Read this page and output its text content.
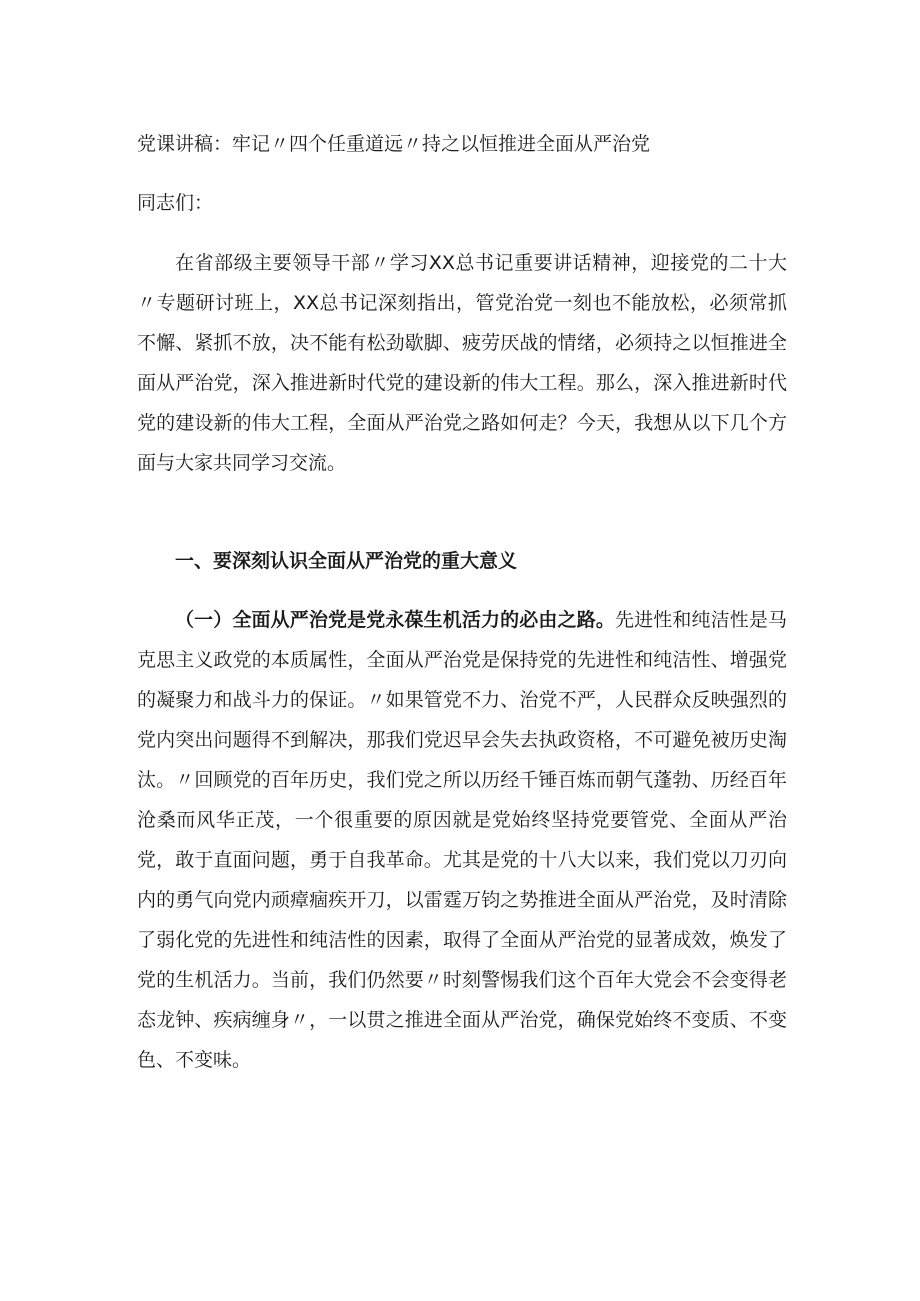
党课讲稿：牢记〃四个任重道远〃持之以恒推进全面从严治党
同志们：

在省部级主要领导干部〃学习XX总书记重要讲话精神，迎接党的二十大〃专题研讨班上，XX总书记深刻指出，管党治党一刻也不能放松，必须常抓不懈、紧抓不放，决不能有松劲歇脚、疲劳厌战的情绪，必须持之以恒推进全面从严治党，深入推进新时代党的建设新的伟大工程。那么，深入推进新时代党的建设新的伟大工程，全面从严治党之路如何走？今天，我想从以下几个方面与大家共同学习交流。

一、要深刻认识全面从严治党的重大意义

（一）全面从严治党是党永葆生机活力的必由之路。先进性和纯洁性是马克思主义政党的本质属性，全面从严治党是保持党的先进性和纯洁性、增强党的凝聚力和战斗力的保证。〃如果管党不力、治党不严，人民群众反映强烈的党内突出问题得不到解决，那我们党迟早会失去执政资格，不可避免被历史淘汰。〃回顾党的百年历史，我们党之所以历经千锤百炼而朝气蓬勃、历经百年沧桑而风华正茂，一个很重要的原因就是党始终坚持党要管党、全面从严治党，敢于直面问题，勇于自我革命。尤其是党的十八大以来，我们党以刀刃向内的勇气向党内顽瘴痼疾开刀，以雷霆万钧之势推进全面从严治党，及时清除了弱化党的先进性和纯洁性的因素，取得了全面从严治党的显著成效，焕发了党的生机活力。当前，我们仍然要〃时刻警惕我们这个百年大党会不会变得老态龙钟、疾病缠身〃，一以贯之推进全面从严治党，确保党始终不变质、不变色、不变味。
